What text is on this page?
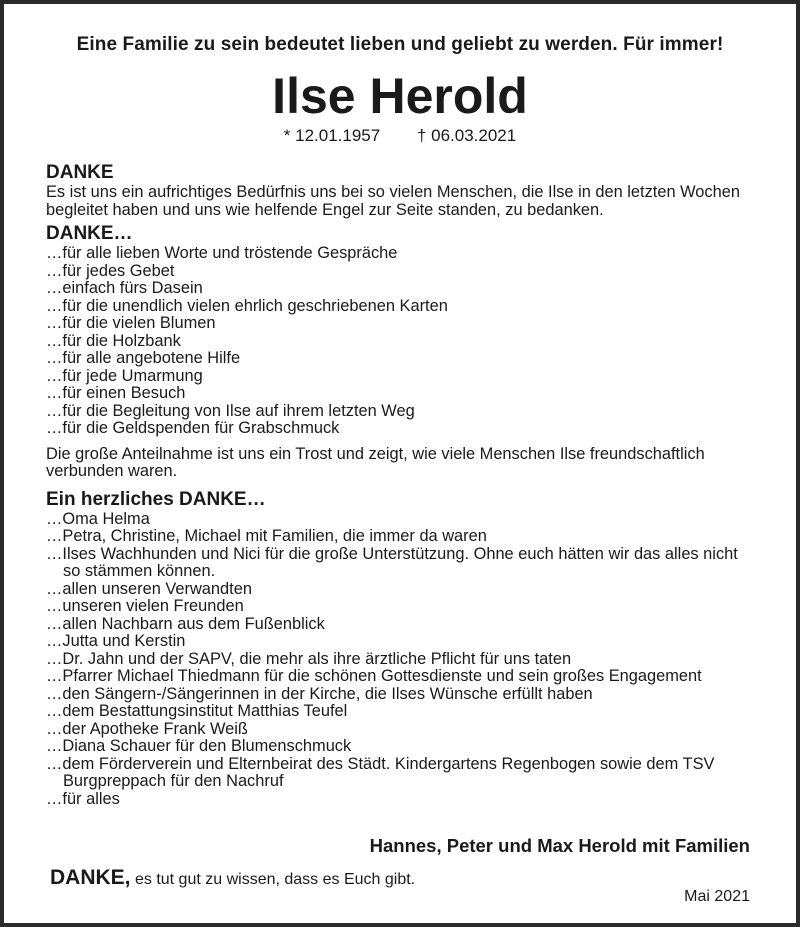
Eine Familie zu sein bedeutet lieben und geliebt zu werden. Für immer!
Ilse Herold
* 12.01.1957 † 06.03.2021

DANKE

Es ist uns ein aufrichtiges Bedürfnis uns bei so vielen Menschen, die Ilse in den letzten Wochen begleitet haben und uns wie helfende Engel zur Seite standen, zu bedanken.

DANKE…

…für alle lieben Worte und tröstende Gespräche
…für jedes Gebet
…einfach fürs Dasein
…für die unendlich vielen ehrlich geschriebenen Karten
…für die vielen Blumen
…für die Holzbank
…für alle angebotene Hilfe
…für jede Umarmung
…für einen Besuch
…für die Begleitung von Ilse auf ihrem letzten Weg
…für die Geldspenden für Grabschmuck

Die große Anteilnahme ist uns ein Trost und zeigt, wie viele Menschen Ilse freundschaftlich verbunden waren.

Ein herzliches DANKE…

…Oma Helma
…Petra, Christine, Michael mit Familien, die immer da waren
…Ilses Wachhunden und Nici für die große Unterstützung. Ohne euch hätten wir das alles nicht so stämmen können.
…allen unseren Verwandten
…unseren vielen Freunden
…allen Nachbarn aus dem Fußenblick
…Jutta und Kerstin
…Dr. Jahn und der SAPV, die mehr als ihre ärztliche Pflicht für uns taten
…Pfarrer Michael Thiedmann für die schönen Gottesdienste und sein großes Engagement
…den Sängern-/Sängerinnen in der Kirche, die Ilses Wünsche erfüllt haben
…dem Bestattungsinstitut Matthias Teufel
…der Apotheke Frank Weiß
…Diana Schauer für den Blumenschmuck
…dem Förderverein und Elternbeirat des Städt. Kindergartens Regenbogen sowie dem TSV Burgpreppach für den Nachruf
…für alles
Hannes, Peter und Max Herold mit Familien
DANKE, es tut gut zu wissen, dass es Euch gibt.
Mai 2021
